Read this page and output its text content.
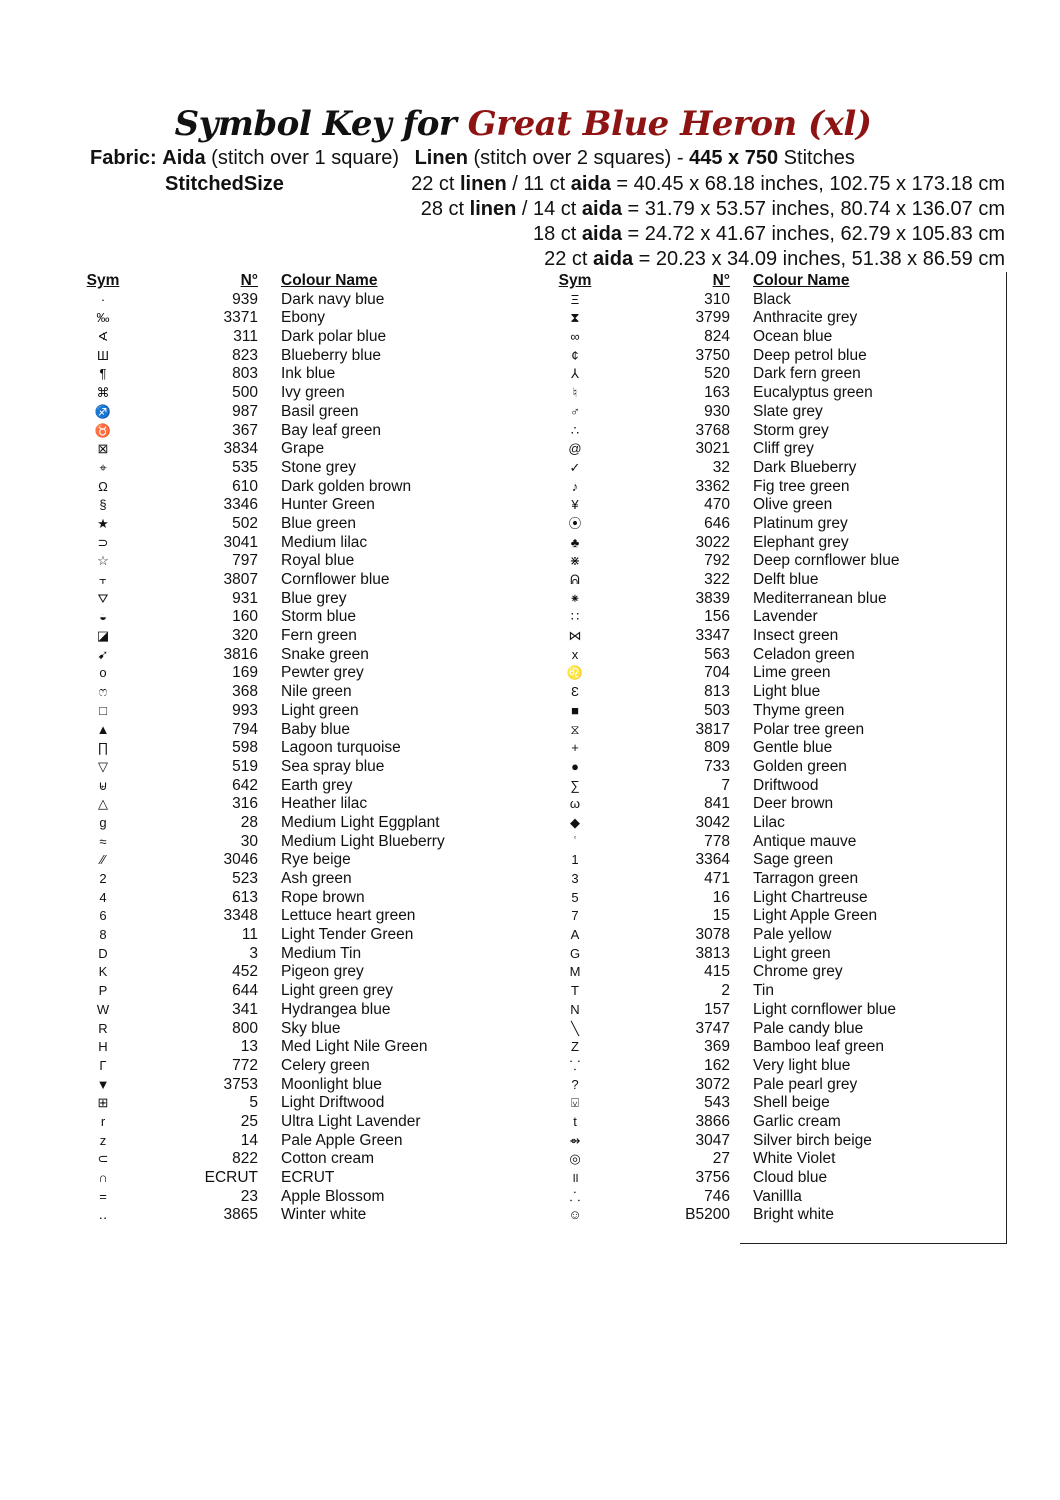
Symbol Key for Great Blue Heron (xl)
Fabric: Aida (stitch over 1 square) Linen (stitch over 2 squares) - 445 x 750 Stitches
StitchedSize	22 ct linen / 11 ct aida = 40.45 x 68.18 inches, 102.75 x 173.18 cm
28 ct linen / 14 ct aida = 31.79 x 53.57 inches, 80.74 x 136.07 cm
18 ct aida = 24.72 x 41.67 inches, 62.79 x 105.83 cm
22 ct aida = 20.23 x 34.09 inches, 51.38 x 86.59 cm
Sym	N° Colour Name
·	939 Dark navy blue
‰	3371 Ebony
∢	311 Dark polar blue
Ш	823 Blueberry blue
¶	803 Ink blue
⌘	500 Ivy green
♐	987 Basil green
♉	367 Bay leaf green
⊠	3834 Grape
⌖	535 Stone grey
Ω	610 Dark golden brown
§	3346 Hunter Green
★	502 Blue green
⊃	3041 Medium lilac
☆	797 Royal blue
⫟	3807 Cornflower blue
⛛	931 Blue grey
◒	160 Storm blue
◪	320 Fern green
➹	3816 Snake green
o	169 Pewter grey
ෆ	368 Nile green
□	993 Light green
▲	794 Baby blue
∏	598 Lagoon turquoise
▽	519 Sea spray blue
⊌	642 Earth grey
△	316 Heather lilac
g	28 Medium Light Eggplant
≈	30 Medium Light Blueberry
⁄⁄	3046 Rye beige
2	523 Ash green
4	613 Rope brown
6	3348 Lettuce heart green
8	11 Light Tender Green
D	3 Medium Tin
K	452 Pigeon grey
P	644 Light green grey
W	341 Hydrangea blue
R	800 Sky blue
H	13 Med Light Nile Green
Γ	772 Celery green
▼	3753 Moonlight blue
⊞	5 Light Driftwood
r	25 Ultra Light Lavender
z	14 Pale Apple Green
⊂	822 Cotton cream
∩	ECRUT ECRUT
=	23 Apple Blossom
‥	3865 Winter white
Sym	N° Colour Name
Ξ	310 Black
⧗	3799 Anthracite grey
∞	824 Ocean blue
¢	3750 Deep petrol blue
⅄	520 Dark fern green
♮	163 Eucalyptus green
♂	930 Slate grey
∴	3768 Storm grey
@	3021 Cliff grey
✓	32 Dark Blueberry
♪	3362 Fig tree green
¥	470 Olive green
⦿	646 Platinum grey
♣	3022 Elephant grey
⋇	792 Deep cornflower blue
ᕱ	322 Delft blue
⁕	3839 Mediterranean blue
∷	156 Lavender
⋈	3347 Insect green
x	563 Celadon green
♌	704 Lime green
Ɛ	813 Light blue
■	503 Thyme green
⧖	3817 Polar tree green
+	809 Gentle blue
●	733 Golden green
∑	7 Driftwood
ω	841 Deer brown
◆	3042 Lilac
ʿ	778 Antique mauve
1	3364 Sage green
3	471 Tarragon green
5	16 Light Chartreuse
7	15 Light Apple Green
A	3078 Pale yellow
G	3813 Light green
M	415 Chrome grey
T	2 Tin
N	157 Light cornflower blue
╲	3747 Pale candy blue
Z	369 Bamboo leaf green
⸪	162 Very light blue
?	3072 Pale pearl grey
⍌	543 Shell beige
t	3866 Garlic cream
⇴	3047 Silver birch beige
◎	27 White Violet
॥	3756 Cloud blue
⸫	746 Vanillla
☺	B5200 Bright white
